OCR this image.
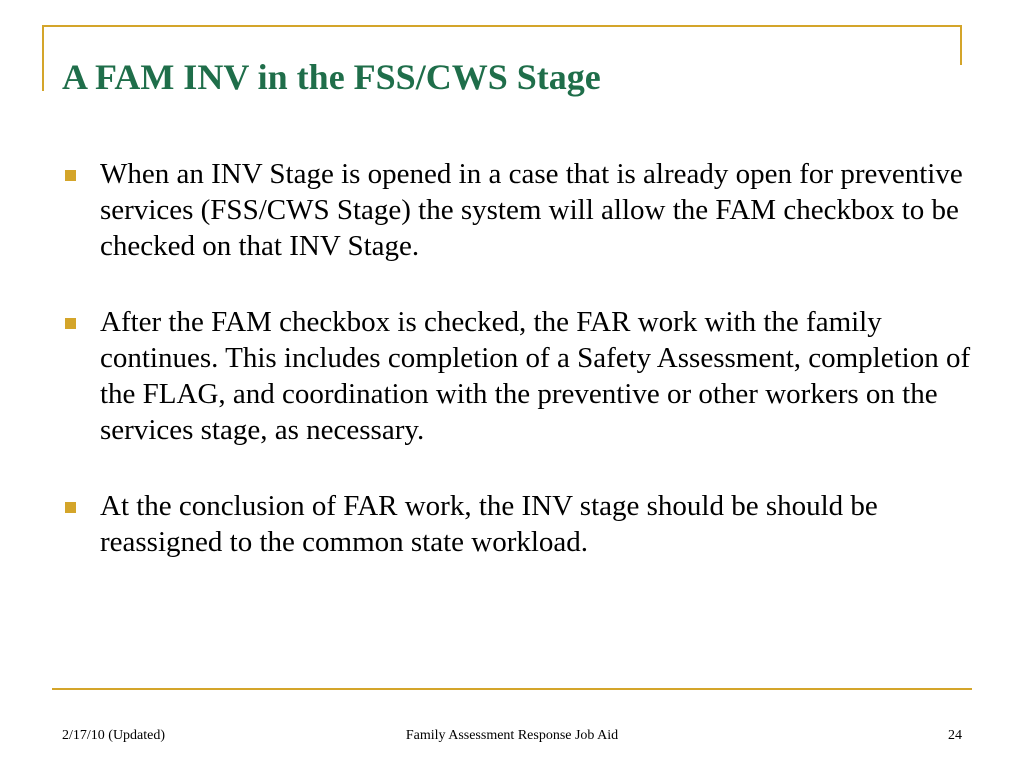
A FAM INV in the FSS/CWS Stage
When an INV Stage is opened in a case that is already open for preventive services (FSS/CWS Stage) the system will allow the FAM checkbox to be checked on that INV Stage.
After the FAM checkbox is checked, the FAR work with the family continues. This includes completion of a Safety Assessment, completion of the FLAG, and coordination with the preventive or other workers on the services stage, as necessary.
At the conclusion of FAR work, the INV stage should be should be reassigned to the common state workload.
2/17/10 (Updated)	Family Assessment Response Job Aid	24
